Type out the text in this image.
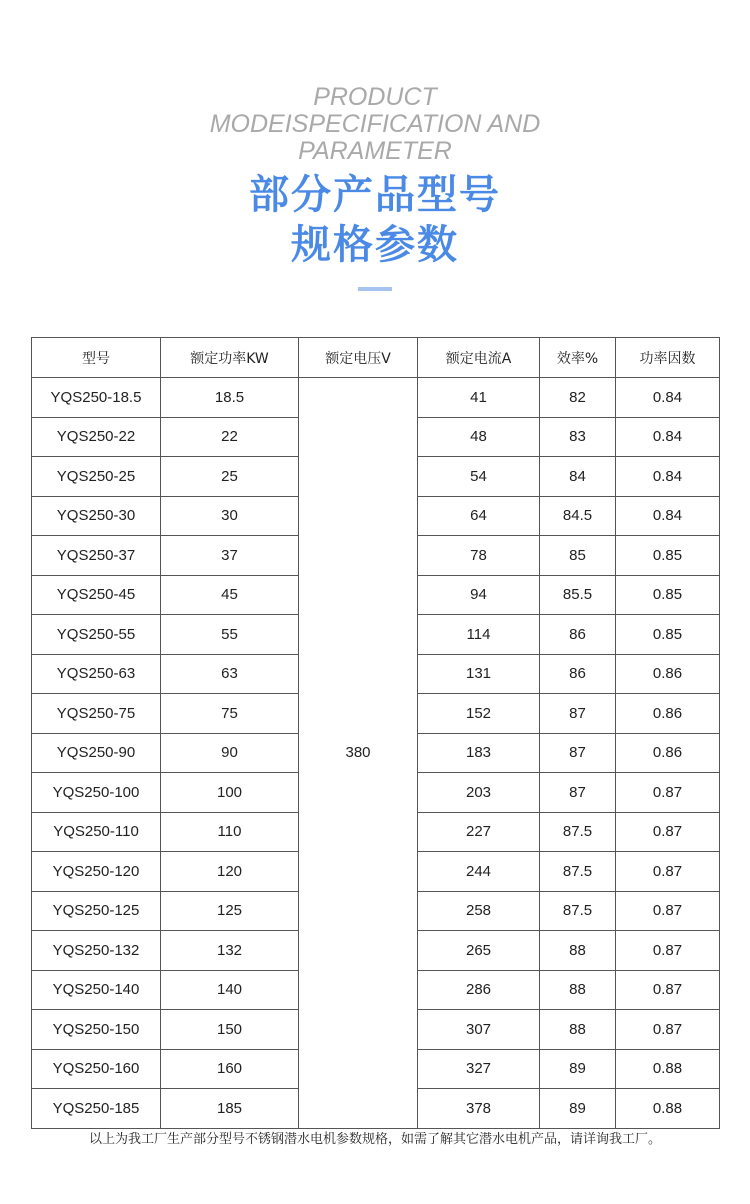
PRODUCT
MODEISPECIFICATION AND
PARAMETER
部分产品型号
规格参数
型号	额定功率KW	额定电压V	额定电流A	效率%	功率因数
YQS250-18.5	18.5	380	41	82	0.84
YQS250-22	22		48	83	0.84
YQS250-25	25		54	84	0.84
YQS250-30	30		64	84.5	0.84
YQS250-37	37		78	85	0.85
YQS250-45	45		94	85.5	0.85
YQS250-55	55		114	86	0.85
YQS250-63	63		131	86	0.86
YQS250-75	75		152	87	0.86
YQS250-90	90		183	87	0.86
YQS250-100	100		203	87	0.87
YQS250-110	110		227	87.5	0.87
YQS250-120	120		244	87.5	0.87
YQS250-125	125		258	87.5	0.87
YQS250-132	132		265	88	0.87
YQS250-140	140		286	88	0.87
YQS250-150	150		307	88	0.87
YQS250-160	160		327	89	0.88
YQS250-185	185		378	89	0.88
以上为我工厂生产部分型号不锈钢潜水电机参数规格，如需了解其它潜水电机产品，请详询我工厂。
